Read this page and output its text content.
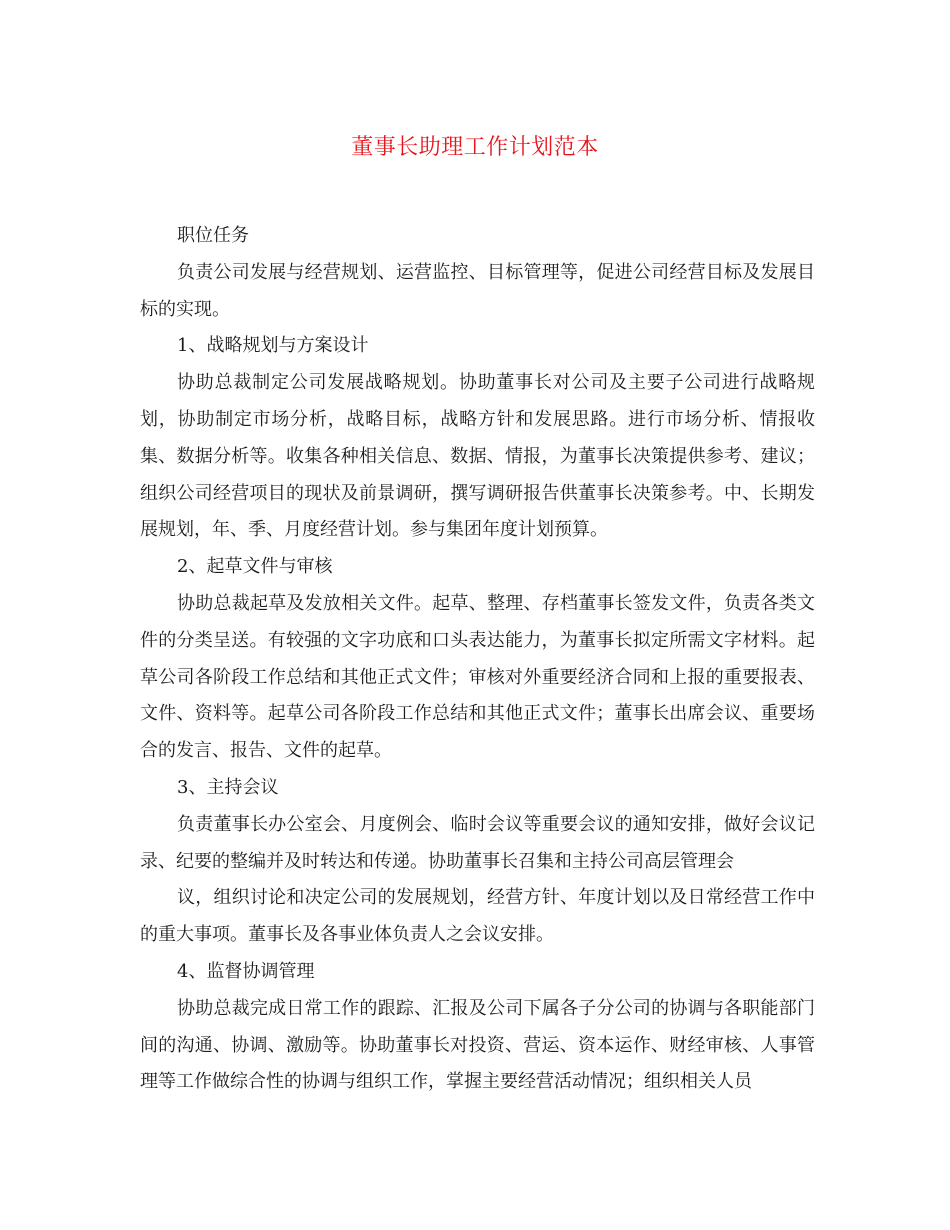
董事长助理工作计划范本

职位任务

负责公司发展与经营规划、运营监控、目标管理等，促进公司经营目标及发展目标的实现。

1、战略规划与方案设计

协助总裁制定公司发展战略规划。协助董事长对公司及主要子公司进行战略规划，协助制定市场分析，战略目标，战略方针和发展思路。进行市场分析、情报收集、数据分析等。收集各种相关信息、数据、情报，为董事长决策提供参考、建议；组织公司经营项目的现状及前景调研，撰写调研报告供董事长决策参考。中、长期发展规划，年、季、月度经营计划。参与集团年度计划预算。

2、起草文件与审核

协助总裁起草及发放相关文件。起草、整理、存档董事长签发文件，负责各类文件的分类呈送。有较强的文字功底和口头表达能力，为董事长拟定所需文字材料。起草公司各阶段工作总结和其他正式文件；审核对外重要经济合同和上报的重要报表、文件、资料等。起草公司各阶段工作总结和其他正式文件；董事长出席会议、重要场合的发言、报告、文件的起草。

3、主持会议

负责董事长办公室会、月度例会、临时会议等重要会议的通知安排，做好会议记录、纪要的整编并及时转达和传递。协助董事长召集和主持公司高层管理会

议，组织讨论和决定公司的发展规划，经营方针、年度计划以及日常经营工作中的重大事项。董事长及各事业体负责人之会议安排。

4、监督协调管理

协助总裁完成日常工作的跟踪、汇报及公司下属各子分公司的协调与各职能部门间的沟通、协调、激励等。协助董事长对投资、营运、资本运作、财经审核、人事管理等工作做综合性的协调与组织工作，掌握主要经营活动情况；组织相关人员
